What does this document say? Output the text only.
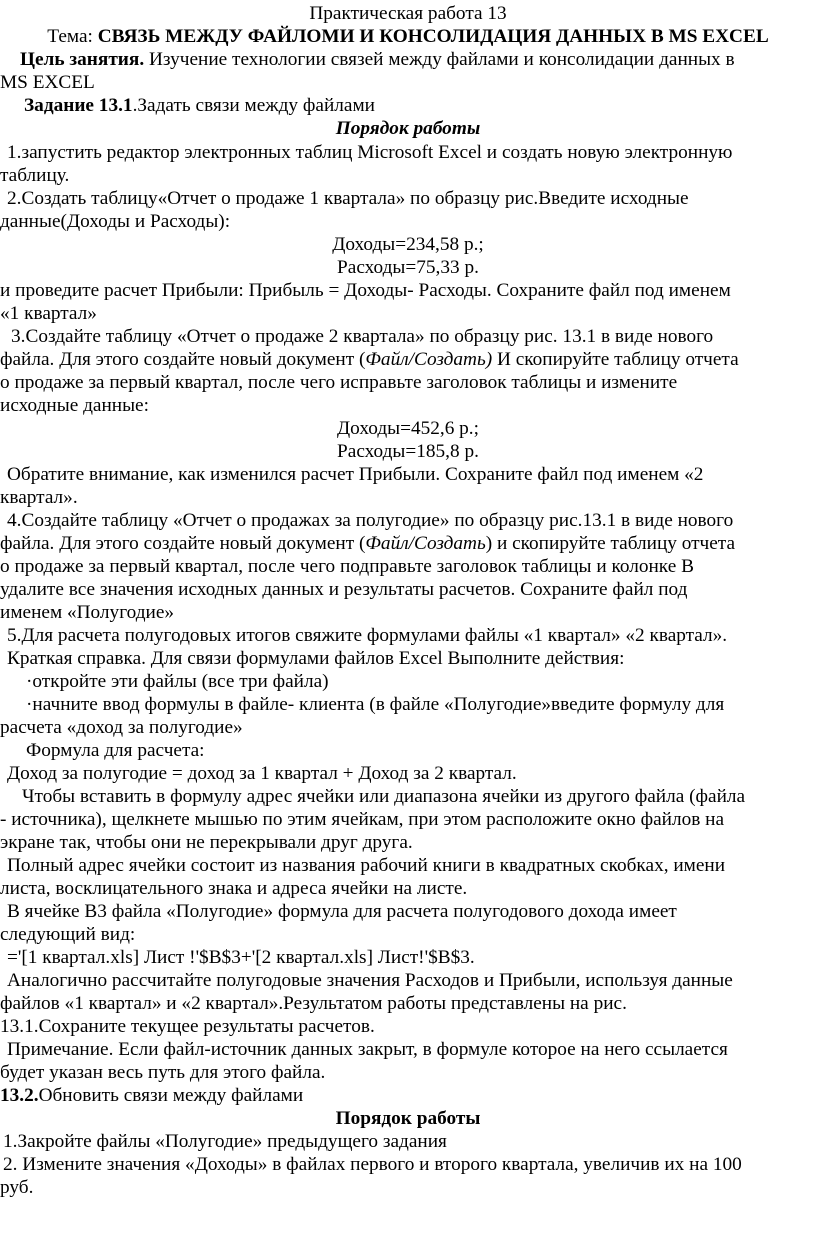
Практическая работа 13

Тема: СВЯЗЬ МЕЖДУ ФАЙЛОМИ И КОНСОЛИДАЦИЯ ДАННЫХ В MS EXCEL

Цель занятия. Изучение технологии связей между файлами и консолидации данных в

MS EXCEL

Задание 13.1.Задать связи между файлами

Порядок работы

1.запустить редактор электронных таблиц Microsoft Excel и создать новую электронную

таблицу.

2.Создать таблицу«Отчет о продаже 1 квартала» по образцу рис.Введите исходные

данные(Доходы и Расходы):

Доходы=234,58 р.;

Расходы=75,33 р.

и проведите расчет Прибыли: Прибыль = Доходы- Расходы. Сохраните файл под именем

«1 квартал»

3.Создайте таблицу «Отчет о продаже 2 квартала» по образцу рис. 13.1 в виде нового

файла. Для этого создайте новый документ (Файл/Создать) И скопируйте таблицу отчета

о продаже за первый квартал, после чего исправьте заголовок таблицы и измените

исходные данные:

Доходы=452,6 р.;

Расходы=185,8 р.

Обратите внимание, как изменился расчет Прибыли. Сохраните файл под именем «2

квартал».

4.Создайте таблицу «Отчет о продажах за полугодие» по образцу рис.13.1 в виде нового

файла. Для этого создайте новый документ (Файл/Создать) и скопируйте таблицу отчета

о продаже за первый квартал, после чего подправьте заголовок таблицы и колонке В

удалите все значения исходных данных и результаты расчетов. Сохраните файл под

именем «Полугодие»

5.Для расчета полугодовых итогов свяжите формулами файлы «1 квартал» «2 квартал».

Краткая справка. Для связи формулами файлов Excel Выполните действия:

·откройте эти файлы (все три файла)

·начните ввод формулы в файле- клиента (в файле «Полугодие»введите формулу для

расчета «доход за полугодие»

Формула для расчета:

Доход за полугодие = доход за 1 квартал + Доход за 2 квартал.

Чтобы вставить в формулу адрес ячейки или диапазона ячейки из другого файла (файла

- источника), щелкнете мышью по этим ячейкам, при этом расположите окно файлов на

экране так, чтобы они не перекрывали друг друга.

Полный адрес ячейки состоит из названия рабочий книги в квадратных скобках, имени

листа, восклицательного знака и адреса ячейки на листе.

В ячейке В3 файла «Полугодие» формула для расчета полугодового дохода имеет

следующий вид:

='[1 квартал.xls] Лист !'$B$3+'[2 квартал.xls] Лист!'$B$3.

Аналогично рассчитайте полугодовые значения Расходов и Прибыли, используя данные

файлов «1 квартал» и «2 квартал».Результатом работы представлены на рис.

13.1.Сохраните текущее результаты расчетов.

Примечание. Если файл-источник данных закрыт, в формуле которое на него ссылается

будет указан весь путь для этого файла.

13.2.Обновить связи между файлами

Порядок работы

1.Закройте файлы «Полугодие» предыдущего задания

2. Измените значения «Доходы» в файлах первого и второго квартала, увеличив их на 100

руб.
